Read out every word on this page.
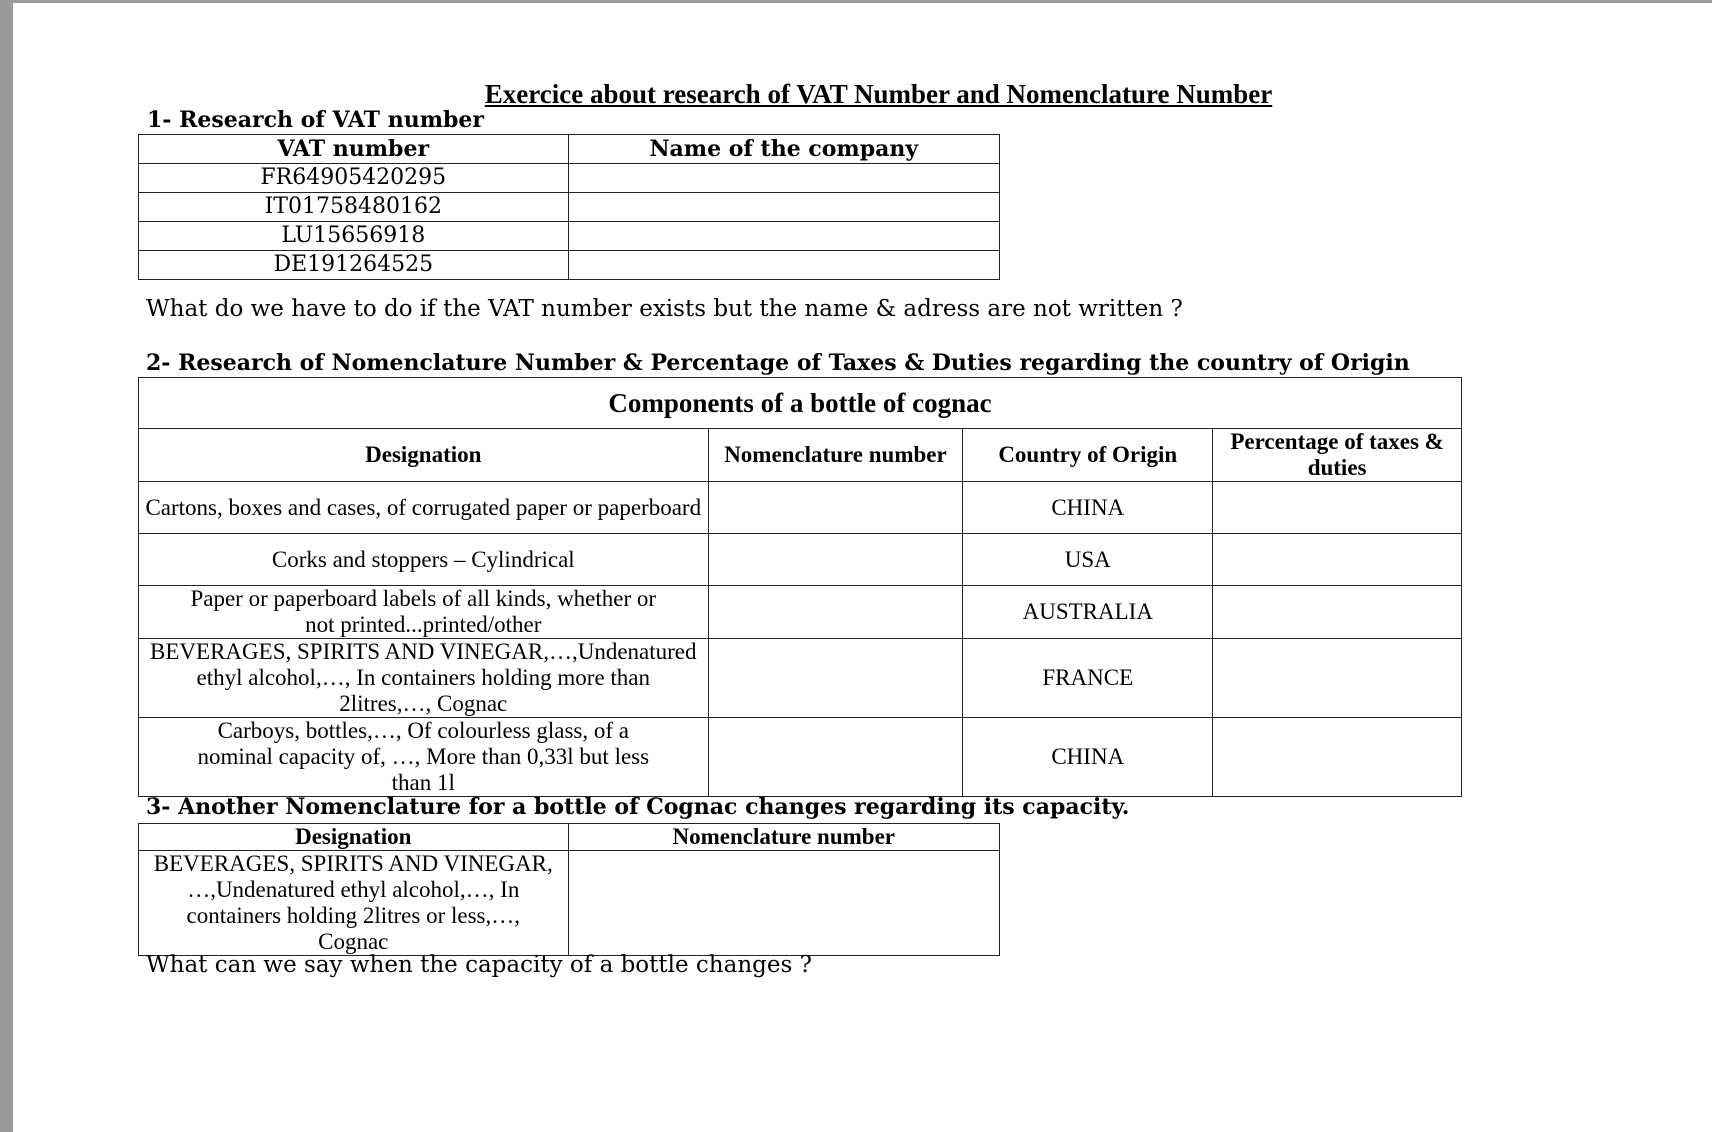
Exercice about research of VAT Number and Nomenclature Number
1- Research of VAT number
VAT number	Name of the company
FR64905420295	
IT01758480162	
LU15656918	
DE191264525	
What do we have to do if the VAT number exists but the name & adress are not written ?
2- Research of Nomenclature Number & Percentage of Taxes & Duties regarding the country of Origin
Components of a bottle of cognac			
Designation	Nomenclature number	Country of Origin	Percentage of taxes & duties
Cartons, boxes and cases, of corrugated paper or paperboard		CHINA	
Corks and stoppers – Cylindrical		USA	
Paper or paperboard labels of all kinds, whether or not printed...printed/other		AUSTRALIA	
BEVERAGES, SPIRITS AND VINEGAR,…,Undenatured ethyl alcohol,…, In containers holding more than 2litres,…, Cognac		FRANCE	
Carboys, bottles,…, Of colourless glass, of a nominal capacity of, …, More than 0,33l but less than 1l		CHINA	
3- Another Nomenclature for a bottle of Cognac changes regarding its capacity.
Designation	Nomenclature number
BEVERAGES, SPIRITS AND VINEGAR, …,Undenatured ethyl alcohol,…, In containers holding 2litres or less,…, Cognac	
What can we say when the capacity of a bottle changes ?
